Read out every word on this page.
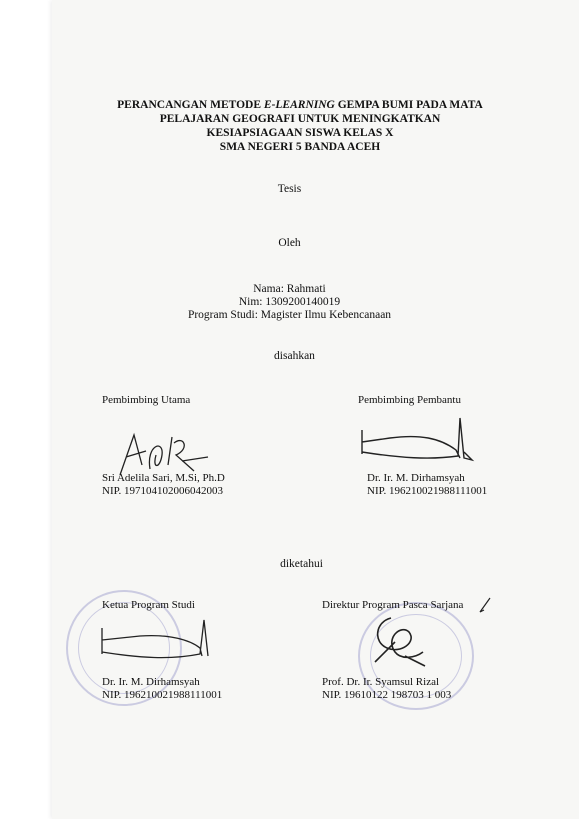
PERANCANGAN METODE E-LEARNING GEMPA BUMI PADA MATA
PELAJARAN GEOGRAFI UNTUK MENINGKATKAN
KESIAPSIAGAAN SISWA KELAS X
SMA NEGERI 5 BANDA ACEH
Tesis
Oleh
Nama: Rahmati
Nim: 1309200140019
Program Studi: Magister Ilmu Kebencanaan
disahkan
Pembimbing Utama	Pembimbing Pembantu
Sri Adelila Sari, M.Si, Ph.D
NIP. 197104102006042003
Dr. Ir. M. Dirhamsyah
NIP. 196210021988111001
diketahui
Ketua Program Studi	Direktur Program Pasca Sarjana
Dr. Ir. M. Dirhamsyah
NIP. 196210021988111001
Prof. Dr. Ir. Syamsul Rizal
NIP. 19610122 198703 1 003
